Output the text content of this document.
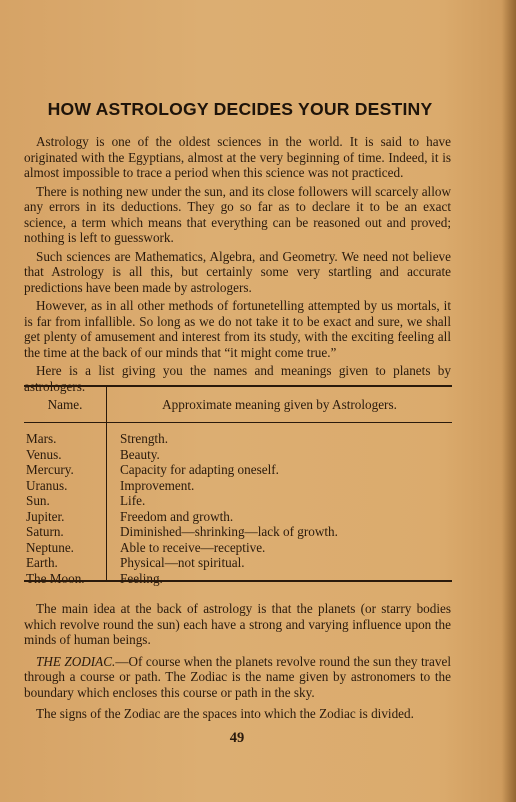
HOW ASTROLOGY DECIDES YOUR DESTINY

Astrology is one of the oldest sciences in the world. It is said to have originated with the Egyptians, almost at the very beginning of time. Indeed, it is almost impossible to trace a period when this science was not practiced.

There is nothing new under the sun, and its close followers will scarcely allow any errors in its deductions. They go so far as to declare it to be an exact science, a term which means that everything can be reasoned out and proved; nothing is left to guesswork.

Such sciences are Mathematics, Algebra, and Geometry. We need not believe that Astrology is all this, but certainly some very startling and accurate predictions have been made by astrologers.

However, as in all other methods of fortunetelling attempted by us mortals, it is far from infallible. So long as we do not take it to be exact and sure, we shall get plenty of amusement and interest from its study, with the exciting feeling all the time at the back of our minds that “it might come true.”

Here is a list giving you the names and meanings given to planets by astrologers.

Name.	Approximate meaning given by Astrologers.
Mars.	Strength.
Venus.	Beauty.
Mercury.	Capacity for adapting oneself.
Uranus.	Improvement.
Sun.	Life.
Jupiter.	Freedom and growth.
Saturn.	Diminished—shrinking—lack of growth.
Neptune.	Able to receive—receptive.
Earth.	Physical—not spiritual.
The Moon.	Feeling.

The main idea at the back of astrology is that the planets (or starry bodies which revolve round the sun) each have a strong and varying influence upon the minds of human beings.

THE ZODIAC.—Of course when the planets revolve round the sun they travel through a course or path. The Zodiac is the name given by astronomers to the boundary which encloses this course or path in the sky.

The signs of the Zodiac are the spaces into which the Zodiac is divided.

49
